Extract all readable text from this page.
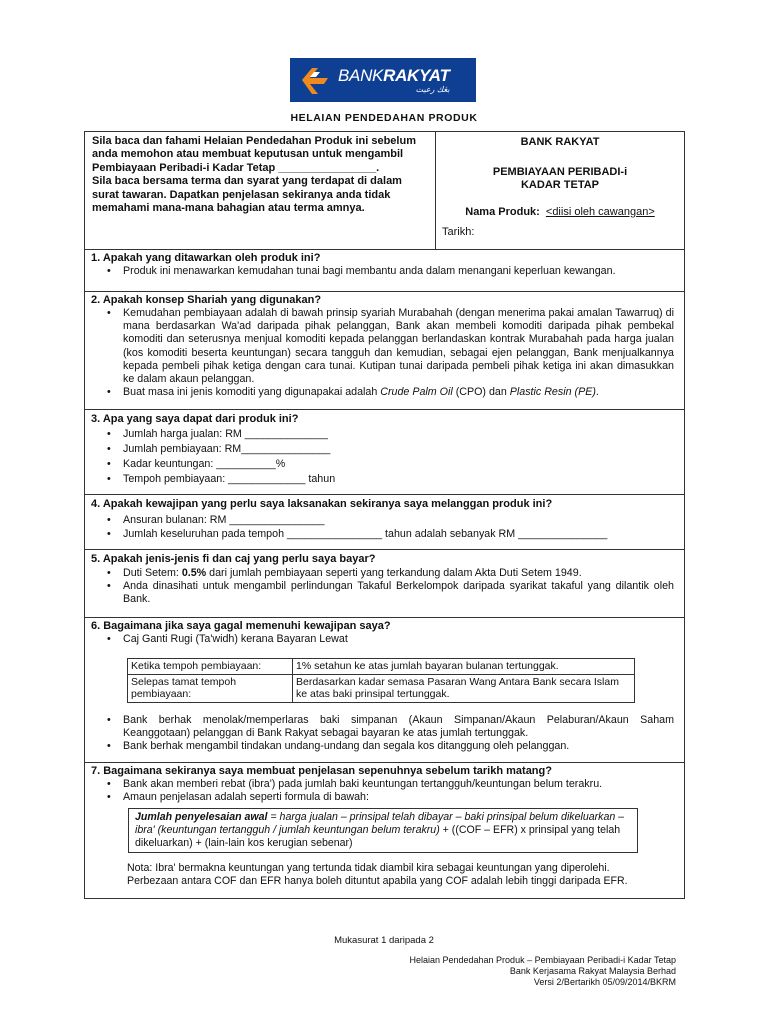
BANKRAKYAT
بڠك رعيت
HELAIAN PENDEDAHAN PRODUK
Sila baca dan fahami Helaian Pendedahan Produk ini sebelum
anda memohon atau membuat keputusan untuk mengambil
Pembiayaan Peribadi-i Kadar Tetap ________________.
Sila baca bersama terma dan syarat yang terdapat di dalam
surat tawaran. Dapatkan penjelasan sekiranya anda tidak
memahami mana-mana bahagian atau terma amnya.
BANK RAKYAT
PEMBIAYAAN PERIBADI-i
KADAR TETAP
Nama Produk: <diisi oleh cawangan>
Tarikh:
1. Apakah yang ditawarkan oleh produk ini?
• Produk ini menawarkan kemudahan tunai bagi membantu anda dalam menangani keperluan kewangan.
2. Apakah konsep Shariah yang digunakan?
• Kemudahan pembiayaan adalah di bawah prinsip syariah Murabahah (dengan menerima pakai amalan Tawarruq) di mana berdasarkan Wa'ad daripada pihak pelanggan, Bank akan membeli komoditi daripada pihak pembekal komoditi dan seterusnya menjual komoditi kepada pelanggan berlandaskan kontrak Murabahah pada harga jualan (kos komoditi beserta keuntungan) secara tangguh dan kemudian, sebagai ejen pelanggan, Bank menjualkannya kepada pembeli pihak ketiga dengan cara tunai. Kutipan tunai daripada pembeli pihak ketiga ini akan dimasukkan ke dalam akaun pelanggan.
• Buat masa ini jenis komoditi yang digunapakai adalah Crude Palm Oil (CPO) dan Plastic Resin (PE).
3. Apa yang saya dapat dari produk ini?
• Jumlah harga jualan: RM ______________
• Jumlah pembiayaan: RM_______________
• Kadar keuntungan: __________%
• Tempoh pembiayaan: _____________ tahun
4. Apakah kewajipan yang perlu saya laksanakan sekiranya saya melanggan produk ini?
• Ansuran bulanan: RM ________________
• Jumlah keseluruhan pada tempoh ________________ tahun adalah sebanyak RM _______________
5. Apakah jenis-jenis fi dan caj yang perlu saya bayar?
• Duti Setem: 0.5% dari jumlah pembiayaan seperti yang terkandung dalam Akta Duti Setem 1949.
• Anda dinasihati untuk mengambil perlindungan Takaful Berkelompok daripada syarikat takaful yang dilantik oleh Bank.
6. Bagaimana jika saya gagal memenuhi kewajipan saya?
• Caj Ganti Rugi (Ta'widh) kerana Bayaran Lewat
Ketika tempoh pembiayaan:	1% setahun ke atas jumlah bayaran bulanan tertunggak.
Selepas tamat tempoh pembiayaan:	Berdasarkan kadar semasa Pasaran Wang Antara Bank secara Islam ke atas baki prinsipal tertunggak.
• Bank berhak menolak/memperlaras baki simpanan (Akaun Simpanan/Akaun Pelaburan/Akaun Saham Keanggotaan) pelanggan di Bank Rakyat sebagai bayaran ke atas jumlah tertunggak.
• Bank berhak mengambil tindakan undang-undang dan segala kos ditanggung oleh pelanggan.
7. Bagaimana sekiranya saya membuat penjelasan sepenuhnya sebelum tarikh matang?
• Bank akan memberi rebat (ibra') pada jumlah baki keuntungan tertangguh/keuntungan belum terakru.
• Amaun penjelasan adalah seperti formula di bawah:
Jumlah penyelesaian awal = harga jualan – prinsipal telah dibayar – baki prinsipal belum dikeluarkan – ibra' (keuntungan tertangguh / jumlah keuntungan belum terakru) + ((COF – EFR) x prinsipal yang telah dikeluarkan) + (lain-lain kos kerugian sebenar)
Nota: Ibra' bermakna keuntungan yang tertunda tidak diambil kira sebagai keuntungan yang diperolehi.
Perbezaan antara COF dan EFR hanya boleh dituntut apabila yang COF adalah lebih tinggi daripada EFR.
Mukasurat 1 daripada 2
Helaian Pendedahan Produk – Pembiayaan Peribadi-i Kadar Tetap
Bank Kerjasama Rakyat Malaysia Berhad
Versi 2/Bertarikh 05/09/2014/BKRM
